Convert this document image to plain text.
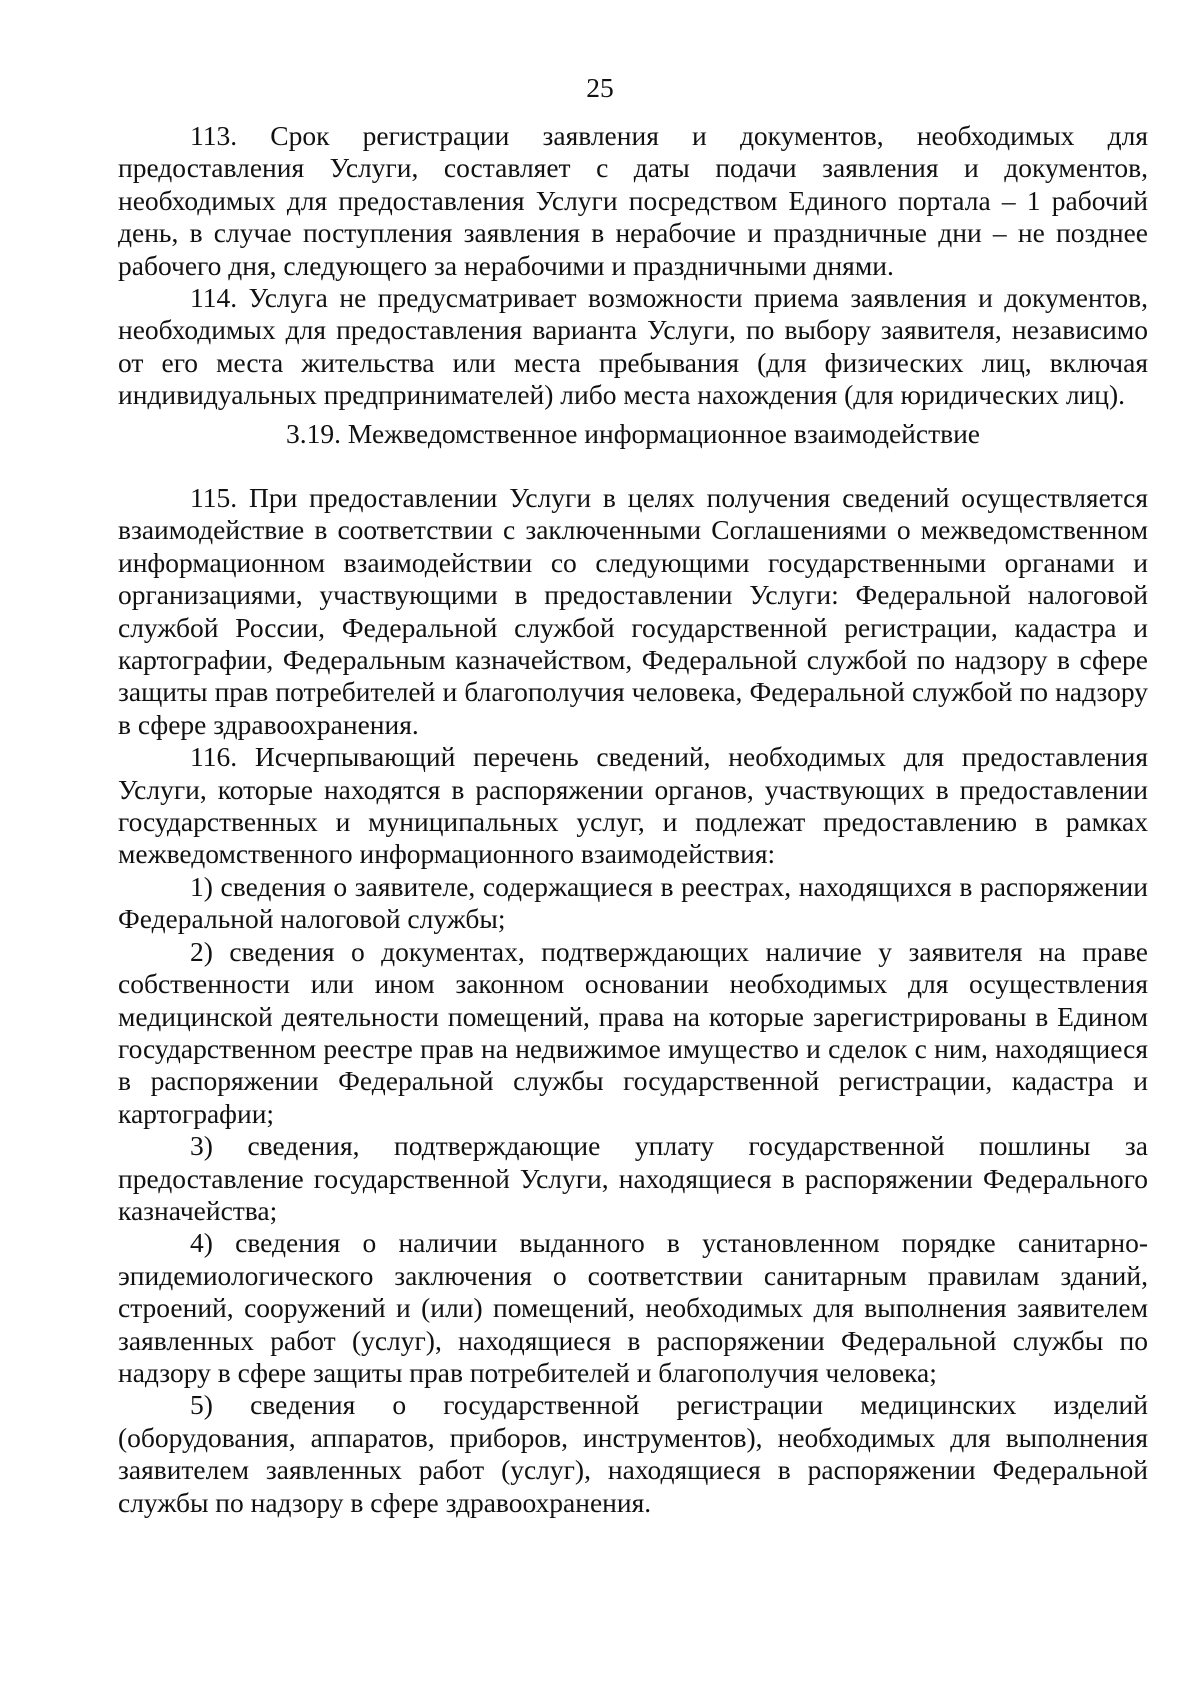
25

113. Срок регистрации заявления и документов, необходимых для предоставления Услуги, составляет с даты подачи заявления и документов, необходимых для предоставления Услуги посредством Единого портала – 1 рабочий день, в случае поступления заявления в нерабочие и праздничные дни – не позднее рабочего дня, следующего за нерабочими и праздничными днями.

114. Услуга не предусматривает возможности приема заявления и документов, необходимых для предоставления варианта Услуги, по выбору заявителя, независимо от его места жительства или места пребывания (для физических лиц, включая индивидуальных предпринимателей) либо места нахождения (для юридических лиц).

3.19. Межведомственное информационное взаимодействие

115. При предоставлении Услуги в целях получения сведений осуществляется взаимодействие в соответствии с заключенными Соглашениями о межведомственном информационном взаимодействии со следующими государственными органами и организациями, участвующими в предоставлении Услуги: Федеральной налоговой службой России, Федеральной службой государственной регистрации, кадастра и картографии, Федеральным казначейством, Федеральной службой по надзору в сфере защиты прав потребителей и благополучия человека, Федеральной службой по надзору в сфере здравоохранения.

116. Исчерпывающий перечень сведений, необходимых для предоставления Услуги, которые находятся в распоряжении органов, участвующих в предоставлении государственных и муниципальных услуг, и подлежат предоставлению в рамках межведомственного информационного взаимодействия:

1) сведения о заявителе, содержащиеся в реестрах, находящихся в распоряжении Федеральной налоговой службы;

2) сведения о документах, подтверждающих наличие у заявителя на праве собственности или ином законном основании необходимых для осуществления медицинской деятельности помещений, права на которые зарегистрированы в Едином государственном реестре прав на недвижимое имущество и сделок с ним, находящиеся в распоряжении Федеральной службы государственной регистрации, кадастра и картографии;

3) сведения, подтверждающие уплату государственной пошлины за предоставление государственной Услуги, находящиеся в распоряжении Федерального казначейства;

4) сведения о наличии выданного в установленном порядке санитарно-эпидемиологического заключения о соответствии санитарным правилам зданий, строений, сооружений и (или) помещений, необходимых для выполнения заявителем заявленных работ (услуг), находящиеся в распоряжении Федеральной службы по надзору в сфере защиты прав потребителей и благополучия человека;

5) сведения о государственной регистрации медицинских изделий (оборудования, аппаратов, приборов, инструментов), необходимых для выполнения заявителем заявленных работ (услуг), находящиеся в распоряжении Федеральной службы по надзору в сфере здравоохранения.
